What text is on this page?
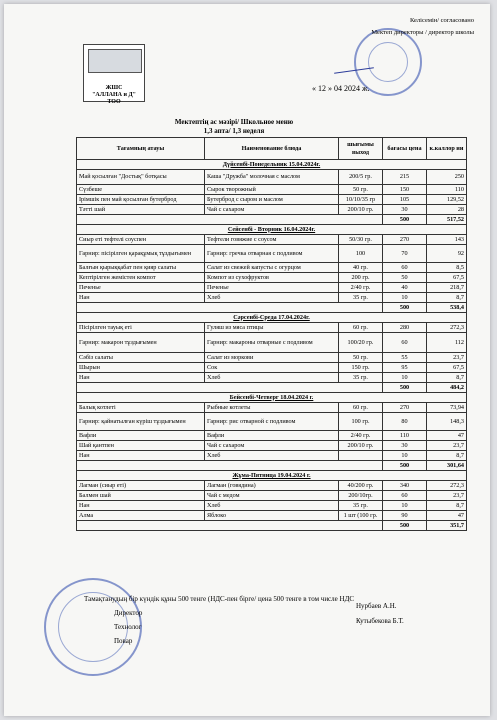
ЖШС
"АЛЛАНА и Д"
ТОО
Келісемін/ согласовано
Мектеп директоры / директор школы
« 12 » 04 2024 ж.
Мектептің ас мәзірі/ Школьное меню
1,3 апта/ 1,3 неделя
Тағамның атауы	Наименование блюда	шығымы выход	бағасы цена	к.каллор ии
Дүйсенбі-Понедельник 15.04.2024г.				
Май қосылған "Достық" ботқасы	Каша "Дружба" молочная с маслом	200/5 гр.	215	250
Сүзбеше	Сырок творожный	50 гр.	150	110
Ірімшік пен май қосылған бутерброд	Бутерброд с сыром и маслом	10/10/35 гр	105	129,52
Тәтті шай	Чай с сахаром	200/10 гр.	30	28
			500	517,52
Сейсенбі - Вторник 16.04.2024г.				
Сиыр еті тефтелі соуспен	Тефтели говяжие с соусом	50/30 гр.	270	143
Гарнир: пісірілген қарақұмық тұздығымен	Гарнир: гречка отварная с подливом	100	70	92
Балғын қырыққабат пен қияр салаты	Салат из свежей капусты с огурцом	40 гр.	60	8,5
Кептірілген жемістен компот	Компот из сухофруктов	200 гр.	50	67,5
Печенье	Печенье	2/40 гр.	40	218,7
Нан	Хлеб	35 гр.	10	8,7
			500	538,4
Сәрсенбі-Среда 17.04.2024г.				
Пісірілген тауық еті	Гуляш из мяса птицы	60 гр.	280	272,3
Гарнир: макарон тұздығымен	Гарнир: макароны отварные с подливом	100/20 гр.	60	112
Сәбіз салаты	Салат из моркови	50 гр.	55	23,7
Шырын	Сок	150 гр.	95	67,5
Нан	Хлеб	35 гр.	10	8,7
			500	484,2
Бейсенбі-Четверг 18.04.2024 г.				
Балық котлеті	Рыбные котлеты	60 гр.	270	73,94
Гарнир: қайнатылған күріш тұздығымен	Гарнир: рис отварной с подливом	100 гр.	80	148,3
Вафли	Вафли	2/40 гр.	110	47
Шай қантпен	Чай с сахаром	200/10 гр.	30	23,7
Нан	Хлеб		10	8,7
			500	301,64
Жұма-Пятница 19.04.2024 г.				
Лагман (сиыр еті)	Лагман (говядина)	40/200 гр.	340	272,3
Балмен шай	Чай с медом	200/10гр.	60	23,7
Нан	Хлеб	35 гр.	10	8,7
Алма	Яблоко	1 шт (100 гр.	90	47
			500	351,7
Тамақтанудың бір күндік құны 500 тенге (НДС-пен бірге/ цена 500 тенге в том числе НДС
Директор
Технолог
Повар
Нурбаев А.Н.
Кутыбекова Б.Т.
